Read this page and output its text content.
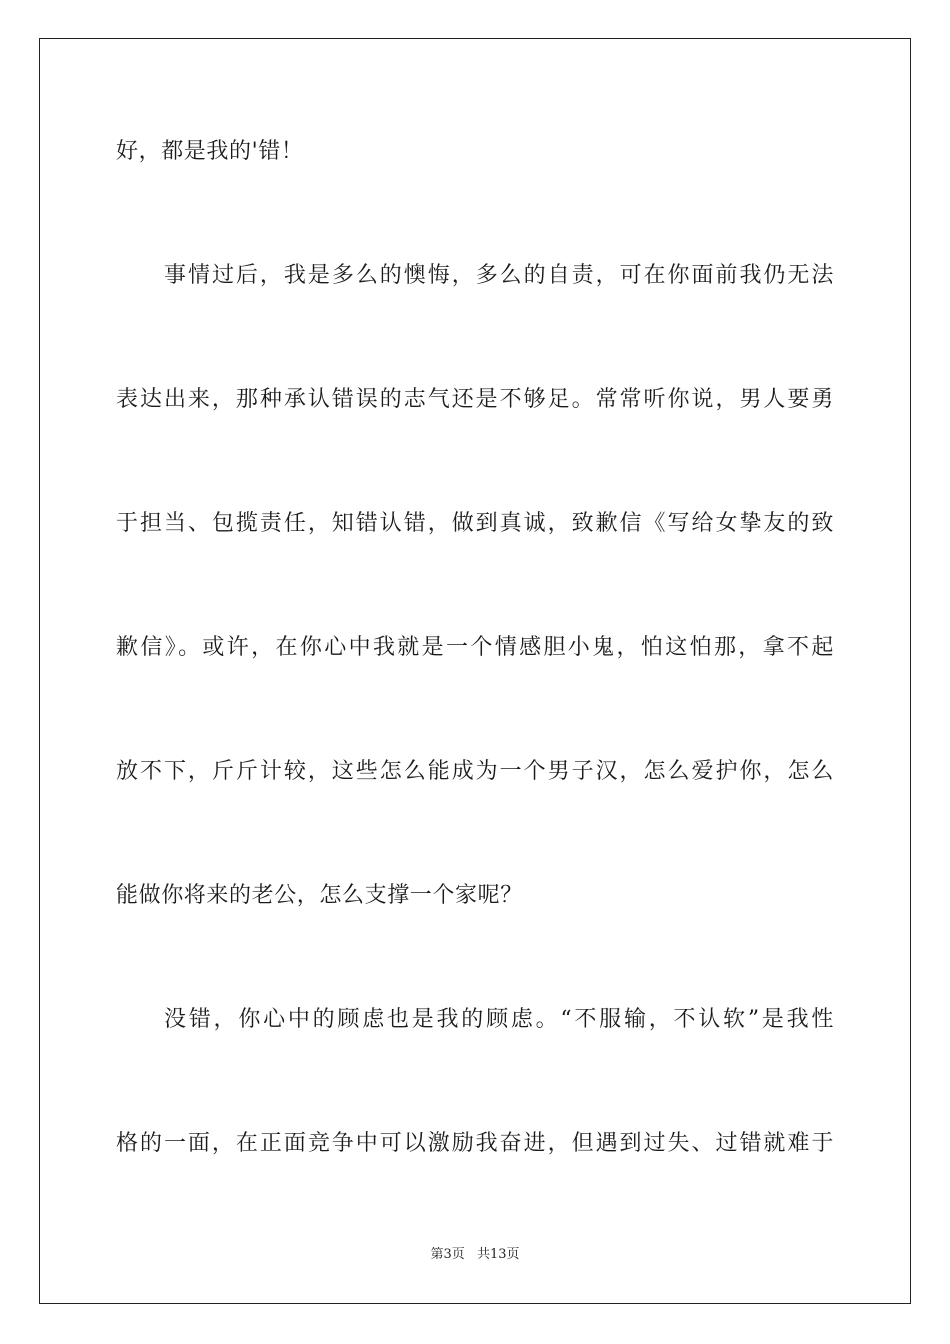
好，都是我的'错！
事情过后，我是多么的懊悔，多么的自责，可在你面前我仍无法
表达出来，那种承认错误的志气还是不够足。常常听你说，男人要勇
于担当、包揽责任，知错认错，做到真诚，致歉信《写给女挚友的致
歉信》。或许，在你心中我就是一个情感胆小鬼，怕这怕那，拿不起
放不下，斤斤计较，这些怎么能成为一个男子汉，怎么爱护你，怎么
能做你将来的老公，怎么支撑一个家呢？
没错，你心中的顾虑也是我的顾虑。“不服输，不认软”是我性
格的一面，在正面竞争中可以激励我奋进，但遇到过失、过错就难于
第3页 共13页
